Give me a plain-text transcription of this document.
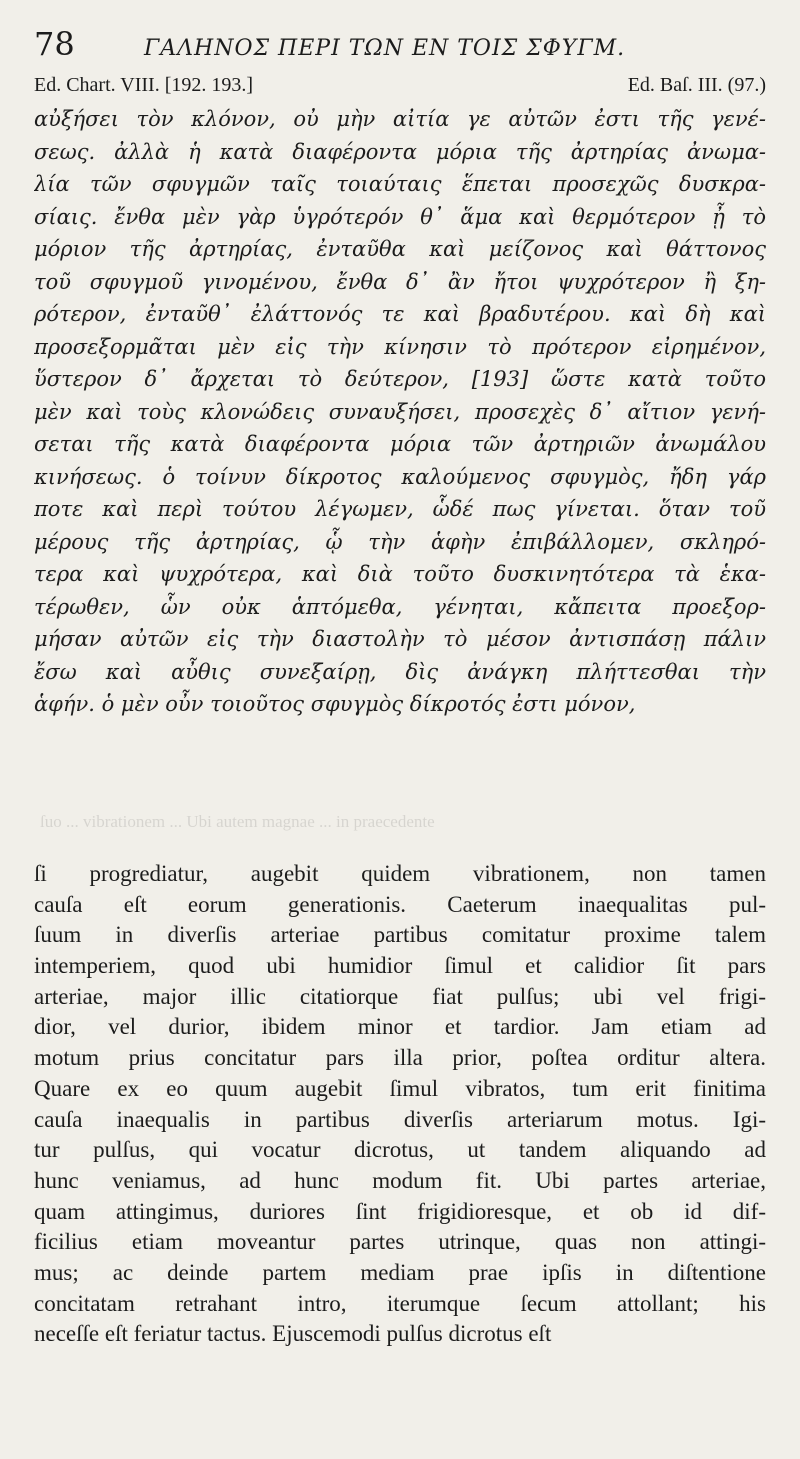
78	ΓΑΛΗΝΟΣ ΠΕΡΙ ΤΩΝ ΕΝ ΤΟΙΣ ΣΦΥΓΜ.
Ed. Chart. VIII. [192. 193.]	Ed. Baſ. III. (97.)
αὐξήσει τὸν κλόνον, οὐ μὴν αἰτία γε αὐτῶν ἐστι τῆς γενέ-
σεως. ἀλλὰ ἡ κατὰ διαφέροντα μόρια τῆς ἀρτηρίας ἀνωμα-
λία τῶν σφυγμῶν ταῖς τοιαύταις ἕπεται προσεχῶς δυσκρα-
σίαις. ἔνθα μὲν γὰρ ὑγρότερόν θ᾿ ἅμα καὶ θερμότερον ᾖ τὸ
μόριον τῆς ἀρτηρίας, ἐνταῦθα καὶ μείζονος καὶ θάττονος
τοῦ σφυγμοῦ γινομένου, ἔνθα δ᾿ ἂν ἤτοι ψυχρότερον ἢ ξη-
ρότερον, ἐνταῦθ᾿ ἐλάττονός τε καὶ βραδυτέρου. καὶ δὴ καὶ
προσεξορμᾶται μὲν εἰς τὴν κίνησιν τὸ πρότερον εἰρημένον,
ὕστερον δ᾿ ἄρχεται τὸ δεύτερον, [193] ὥστε κατὰ τοῦτο
μὲν καὶ τοὺς κλονώδεις συναυξήσει, προσεχὲς δ᾿ αἴτιον γενή-
σεται τῆς κατὰ διαφέροντα μόρια τῶν ἀρτηριῶν ἀνωμάλου
κινήσεως. ὁ τοίνυν δίκροτος καλούμενος σφυγμὸς, ἤδη γάρ
ποτε καὶ περὶ τούτου λέγωμεν, ὧδέ πως γίνεται. ὅταν τοῦ
μέρους τῆς ἀρτηρίας, ᾧ τὴν ἁφὴν ἐπιβάλλομεν, σκληρό-
τερα καὶ ψυχρότερα, καὶ διὰ τοῦτο δυσκινητότερα τὰ ἑκα-
τέρωθεν, ὧν οὐκ ἁπτόμεθα, γένηται, κἄπειτα προεξορ-
μήσαν αὐτῶν εἰς τὴν διαστολὴν τὸ μέσον ἀντισπάσῃ πάλιν
ἔσω καὶ αὖθις συνεξαίρῃ, δὶς ἀνάγκη πλήττεσθαι τὴν
ἁφήν. ὁ μὲν οὖν τοιοῦτος σφυγμὸς δίκροτός ἐστι μόνον,
ſuo ... vibrationem ... Ubi autem magnae ... in praecedente
ſi progrediatur, augebit quidem vibrationem, non tamen
cauſa eſt eorum generationis. Caeterum inaequalitas pul-
ſuum in diverſis arteriae partibus comitatur proxime talem
intemperiem, quod ubi humidior ſimul et calidior ſit pars
arteriae, major illic citatiorque fiat pulſus; ubi vel frigi-
dior, vel durior, ibidem minor et tardior. Jam etiam ad
motum prius concitatur pars illa prior, poſtea orditur altera.
Quare ex eo quum augebit ſimul vibratos, tum erit finitima
cauſa inaequalis in partibus diverſis arteriarum motus. Igi-
tur pulſus, qui vocatur dicrotus, ut tandem aliquando ad
hunc veniamus, ad hunc modum fit. Ubi partes arteriae,
quam attingimus, duriores ſint frigidioresque, et ob id dif-
ficilius etiam moveantur partes utrinque, quas non attingi-
mus; ac deinde partem mediam prae ipſis in diſtentione
concitatam retrahant intro, iterumque ſecum attollant; his
neceſſe eſt feriatur tactus. Ejuscemodi pulſus dicrotus eſt
